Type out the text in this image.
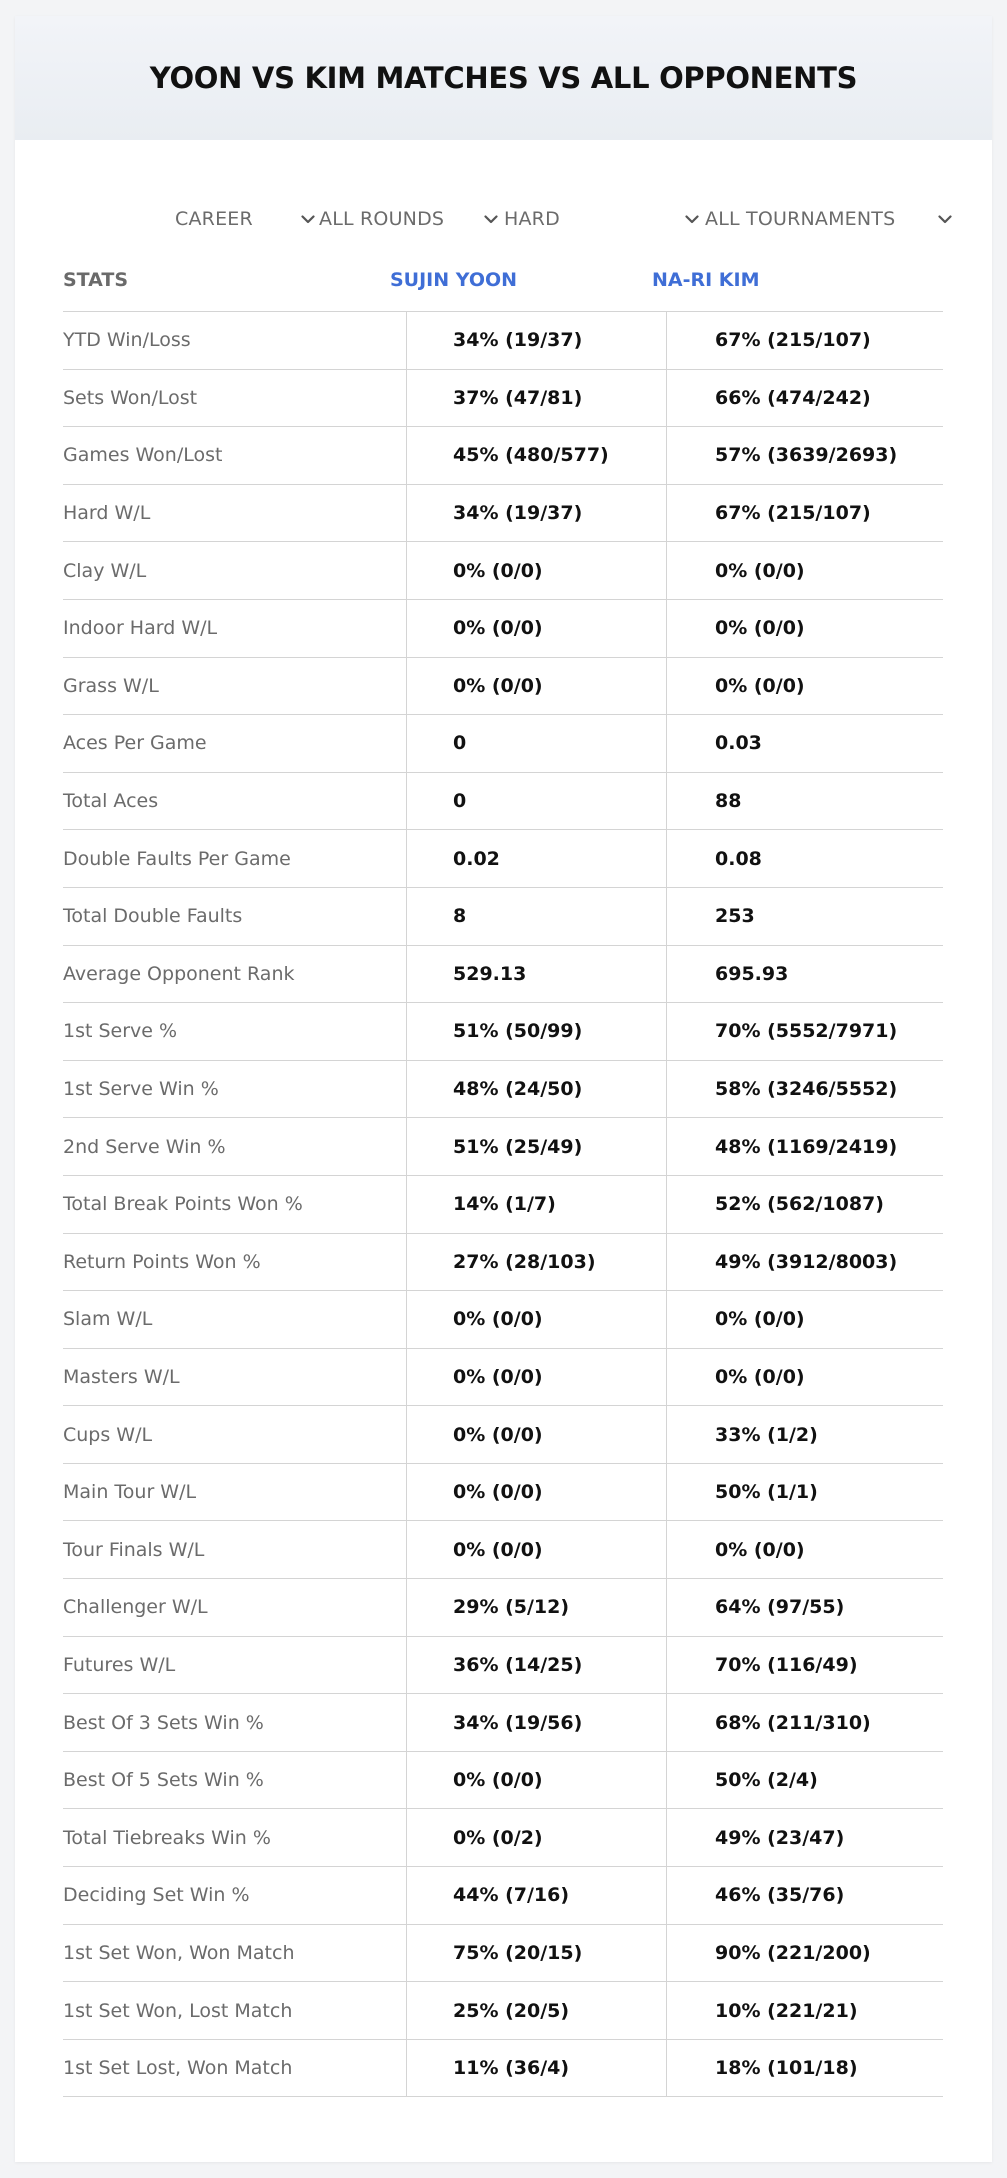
YOON VS KIM MATCHES VS ALL OPPONENTS
CAREER	ALL ROUNDS	HARD	ALL TOURNAMENTS
STATS	SUJIN YOON	NA-RI KIM
YTD Win/Loss	34% (19/37)	67% (215/107)
Sets Won/Lost	37% (47/81)	66% (474/242)
Games Won/Lost	45% (480/577)	57% (3639/2693)
Hard W/L	34% (19/37)	67% (215/107)
Clay W/L	0% (0/0)	0% (0/0)
Indoor Hard W/L	0% (0/0)	0% (0/0)
Grass W/L	0% (0/0)	0% (0/0)
Aces Per Game	0	0.03
Total Aces	0	88
Double Faults Per Game	0.02	0.08
Total Double Faults	8	253
Average Opponent Rank	529.13	695.93
1st Serve %	51% (50/99)	70% (5552/7971)
1st Serve Win %	48% (24/50)	58% (3246/5552)
2nd Serve Win %	51% (25/49)	48% (1169/2419)
Total Break Points Won %	14% (1/7)	52% (562/1087)
Return Points Won %	27% (28/103)	49% (3912/8003)
Slam W/L	0% (0/0)	0% (0/0)
Masters W/L	0% (0/0)	0% (0/0)
Cups W/L	0% (0/0)	33% (1/2)
Main Tour W/L	0% (0/0)	50% (1/1)
Tour Finals W/L	0% (0/0)	0% (0/0)
Challenger W/L	29% (5/12)	64% (97/55)
Futures W/L	36% (14/25)	70% (116/49)
Best Of 3 Sets Win %	34% (19/56)	68% (211/310)
Best Of 5 Sets Win %	0% (0/0)	50% (2/4)
Total Tiebreaks Win %	0% (0/2)	49% (23/47)
Deciding Set Win %	44% (7/16)	46% (35/76)
1st Set Won, Won Match	75% (20/15)	90% (221/200)
1st Set Won, Lost Match	25% (20/5)	10% (221/21)
1st Set Lost, Won Match	11% (36/4)	18% (101/18)
